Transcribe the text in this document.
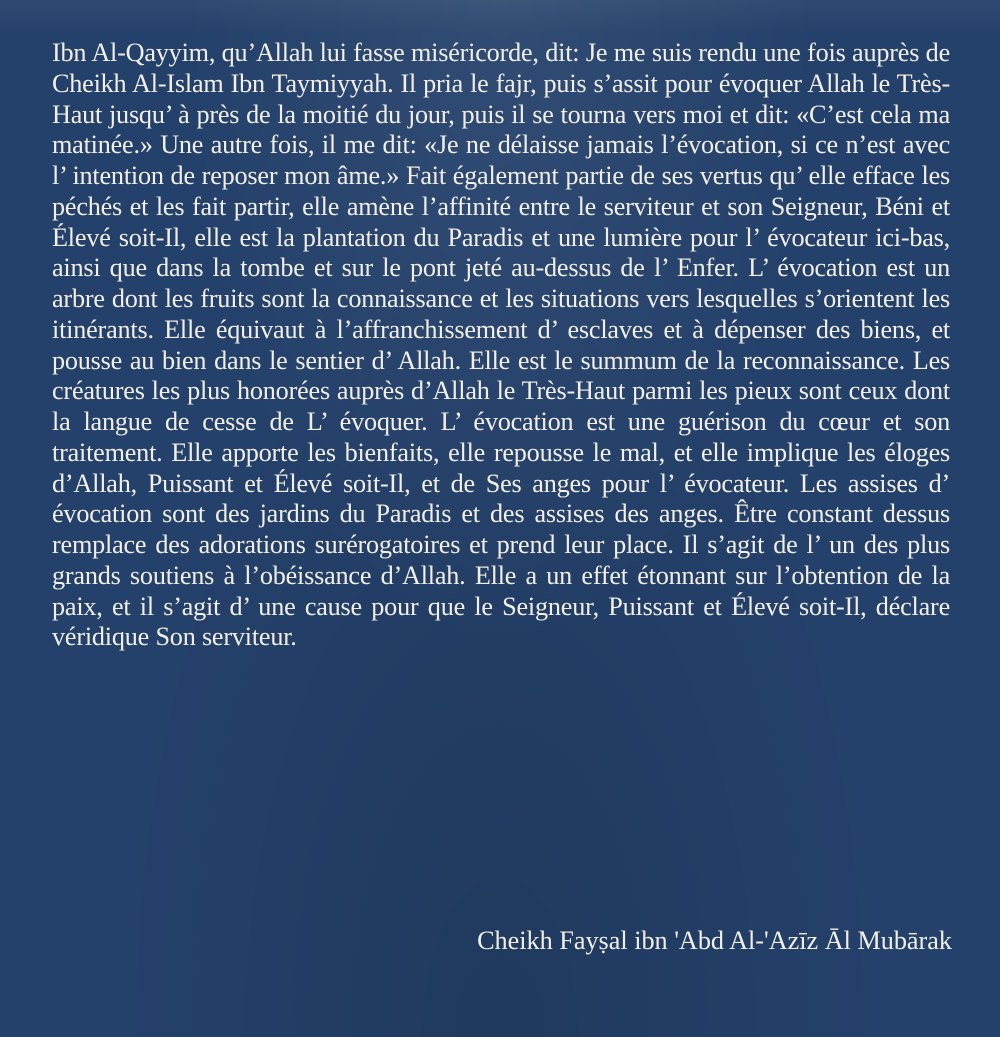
Ibn Al-Qayyim, qu’Allah lui fasse miséricorde, dit: Je me suis rendu une fois auprès de Cheikh Al-Islam Ibn Taymiyyah. Il pria le fajr, puis s’assit pour évoquer Allah le Très-Haut jusqu’ à près de la moitié du jour, puis il se tourna vers moi et dit: «C’est cela ma matinée.» Une autre fois, il me dit: «Je ne délaisse jamais l’évocation, si ce n’est avec l’ intention de reposer mon âme.» Fait également partie de ses vertus qu’ elle efface les péchés et les fait partir, elle amène l’affinité entre le serviteur et son Seigneur, Béni et Élevé soit-Il, elle est la plantation du Paradis et une lumière pour l’ évocateur ici-bas, ainsi que dans la tombe et sur le pont jeté au-dessus de l’ Enfer. L’ évocation est un arbre dont les fruits sont la connaissance et les situations vers lesquelles s’orientent les itinérants. Elle équivaut à l’affranchissement d’ esclaves et à dépenser des biens, et pousse au bien dans le sentier d’ Allah. Elle est le summum de la reconnaissance. Les créatures les plus honorées auprès d’Allah le Très-Haut parmi les pieux sont ceux dont la langue de cesse de L’ évoquer. L’ évocation est une guérison du cœur et son traitement. Elle apporte les bienfaits, elle repousse le mal, et elle implique les éloges d’Allah, Puissant et Élevé soit-Il, et de Ses anges pour l’ évocateur. Les assises d’ évocation sont des jardins du Paradis et des assises des anges. Être constant dessus remplace des adorations surérogatoires et prend leur place. Il s’agit de l’ un des plus grands soutiens à l’obéissance d’Allah. Elle a un effet étonnant sur l’obtention de la paix, et il s’agit d’ une cause pour que le Seigneur, Puissant et Élevé soit-Il, déclare véridique Son serviteur.

Cheikh Fayṣal ibn 'Abd Al-'Azīz Āl Mubārak
